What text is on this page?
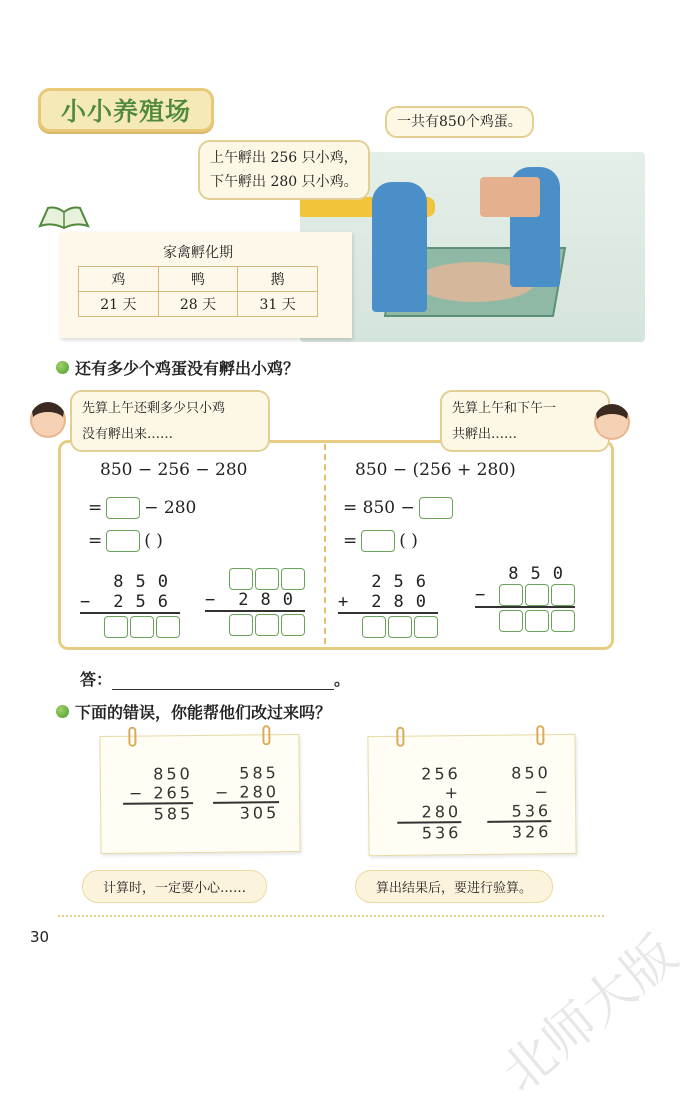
小小养殖场	一共有850个鸡蛋。
上午孵出 256 只小鸡，
下午孵出 280 只小鸡。
家禽孵化期
鸡	鸭	鹅
21 天	28 天	31 天
还有多少个鸡蛋没有孵出小鸡？
先算上午还剩多少只小鸡
没有孵出来……
先算上午和下午一
共孵出……
850 − 256 − 280
= − 280
= ( )
850
− 256 − 280
850 − (256 + 280)
= 850 −
= ( )
256
+ 280
850
−
答：	。
下面的错误，你能帮他们改过来吗？
850
− 265
585
585
− 280
305
256
+ 280
536
850
− 536
326
计算时，一定要小心……	算出结果后，要进行验算。
30	北师大版
